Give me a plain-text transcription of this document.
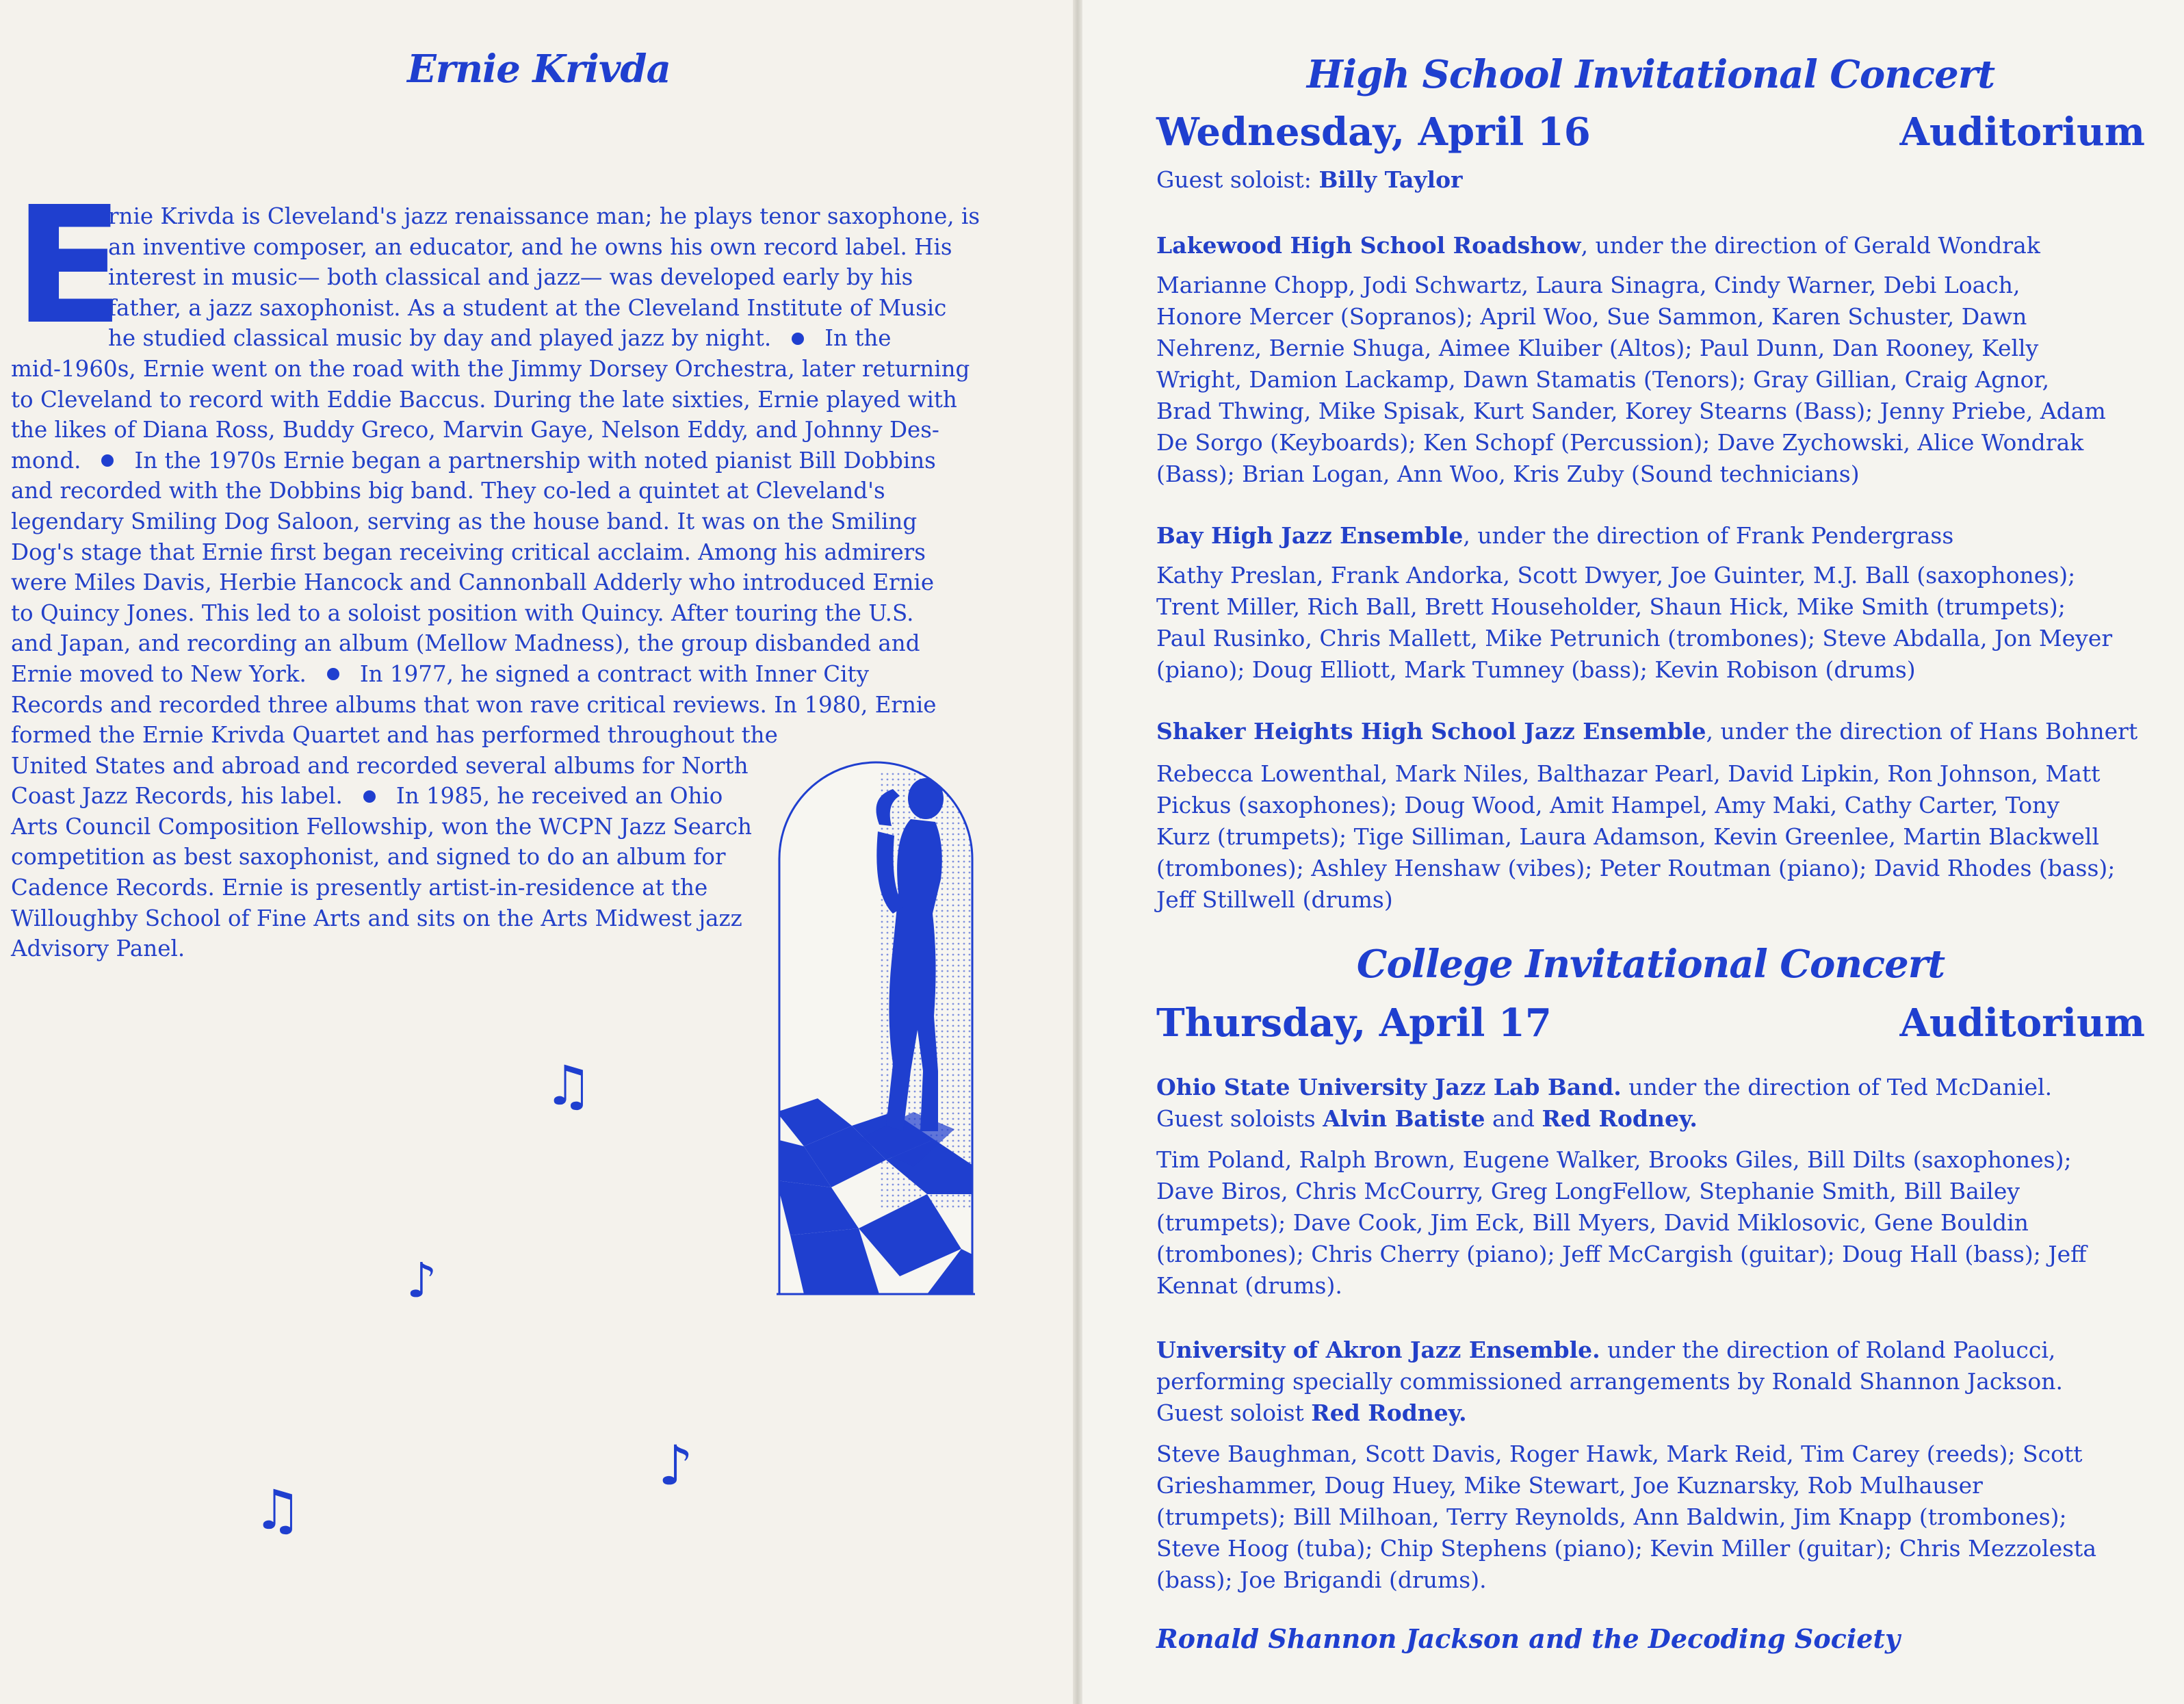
Ernie Krivda
E
rnie Krivda is Cleveland's jazz renaissance man; he plays tenor saxophone, is
an inventive composer, an educator, and he owns his own record label. His
interest in music— both classical and jazz— was developed early by his
father, a jazz saxophonist. As a student at the Cleveland Institute of Music
he studied classical music by day and played jazz by night. In the
mid-1960s, Ernie went on the road with the Jimmy Dorsey Orchestra, later returning
to Cleveland to record with Eddie Baccus. During the late sixties, Ernie played with
the likes of Diana Ross, Buddy Greco, Marvin Gaye, Nelson Eddy, and Johnny Des-
mond. In the 1970s Ernie began a partnership with noted pianist Bill Dobbins
and recorded with the Dobbins big band. They co-led a quintet at Cleveland's
legendary Smiling Dog Saloon, serving as the house band. It was on the Smiling
Dog's stage that Ernie first began receiving critical acclaim. Among his admirers
were Miles Davis, Herbie Hancock and Cannonball Adderly who introduced Ernie
to Quincy Jones. This led to a soloist position with Quincy. After touring the U.S.
and Japan, and recording an album (Mellow Madness), the group disbanded and
Ernie moved to New York. In 1977, he signed a contract with Inner City
Records and recorded three albums that won rave critical reviews. In 1980, Ernie
formed the Ernie Krivda Quartet and has performed throughout the
United States and abroad and recorded several albums for North
Coast Jazz Records, his label. In 1985, he received an Ohio
Arts Council Composition Fellowship, won the WCPN Jazz Search
competition as best saxophonist, and signed to do an album for
Cadence Records. Ernie is presently artist-in-residence at the
Willoughby School of Fine Arts and sits on the Arts Midwest jazz
Advisory Panel.
♫
♪
♪
♫
High School Invitational Concert
Wednesday, April 16	Auditorium
Guest soloist: Billy Taylor
Lakewood High School Roadshow, under the direction of Gerald Wondrak
Marianne Chopp, Jodi Schwartz, Laura Sinagra, Cindy Warner, Debi Loach,
Honore Mercer (Sopranos); April Woo, Sue Sammon, Karen Schuster, Dawn
Nehrenz, Bernie Shuga, Aimee Kluiber (Altos); Paul Dunn, Dan Rooney, Kelly
Wright, Damion Lackamp, Dawn Stamatis (Tenors); Gray Gillian, Craig Agnor,
Brad Thwing, Mike Spisak, Kurt Sander, Korey Stearns (Bass); Jenny Priebe, Adam
De Sorgo (Keyboards); Ken Schopf (Percussion); Dave Zychowski, Alice Wondrak
(Bass); Brian Logan, Ann Woo, Kris Zuby (Sound technicians)
Bay High Jazz Ensemble, under the direction of Frank Pendergrass
Kathy Preslan, Frank Andorka, Scott Dwyer, Joe Guinter, M.J. Ball (saxophones);
Trent Miller, Rich Ball, Brett Householder, Shaun Hick, Mike Smith (trumpets);
Paul Rusinko, Chris Mallett, Mike Petrunich (trombones); Steve Abdalla, Jon Meyer
(piano); Doug Elliott, Mark Tumney (bass); Kevin Robison (drums)
Shaker Heights High School Jazz Ensemble, under the direction of Hans Bohnert
Rebecca Lowenthal, Mark Niles, Balthazar Pearl, David Lipkin, Ron Johnson, Matt
Pickus (saxophones); Doug Wood, Amit Hampel, Amy Maki, Cathy Carter, Tony
Kurz (trumpets); Tige Silliman, Laura Adamson, Kevin Greenlee, Martin Blackwell
(trombones); Ashley Henshaw (vibes); Peter Routman (piano); David Rhodes (bass);
Jeff Stillwell (drums)
College Invitational Concert
Thursday, April 17	Auditorium
Ohio State University Jazz Lab Band. under the direction of Ted McDaniel.
Guest soloists Alvin Batiste and Red Rodney.
Tim Poland, Ralph Brown, Eugene Walker, Brooks Giles, Bill Dilts (saxophones);
Dave Biros, Chris McCourry, Greg LongFellow, Stephanie Smith, Bill Bailey
(trumpets); Dave Cook, Jim Eck, Bill Myers, David Miklosovic, Gene Bouldin
(trombones); Chris Cherry (piano); Jeff McCargish (guitar); Doug Hall (bass); Jeff
Kennat (drums).
University of Akron Jazz Ensemble. under the direction of Roland Paolucci,
performing specially commissioned arrangements by Ronald Shannon Jackson.
Guest soloist Red Rodney.
Steve Baughman, Scott Davis, Roger Hawk, Mark Reid, Tim Carey (reeds); Scott
Grieshammer, Doug Huey, Mike Stewart, Joe Kuznarsky, Rob Mulhauser
(trumpets); Bill Milhoan, Terry Reynolds, Ann Baldwin, Jim Knapp (trombones);
Steve Hoog (tuba); Chip Stephens (piano); Kevin Miller (guitar); Chris Mezzolesta
(bass); Joe Brigandi (drums).
Ronald Shannon Jackson and the Decoding Society
